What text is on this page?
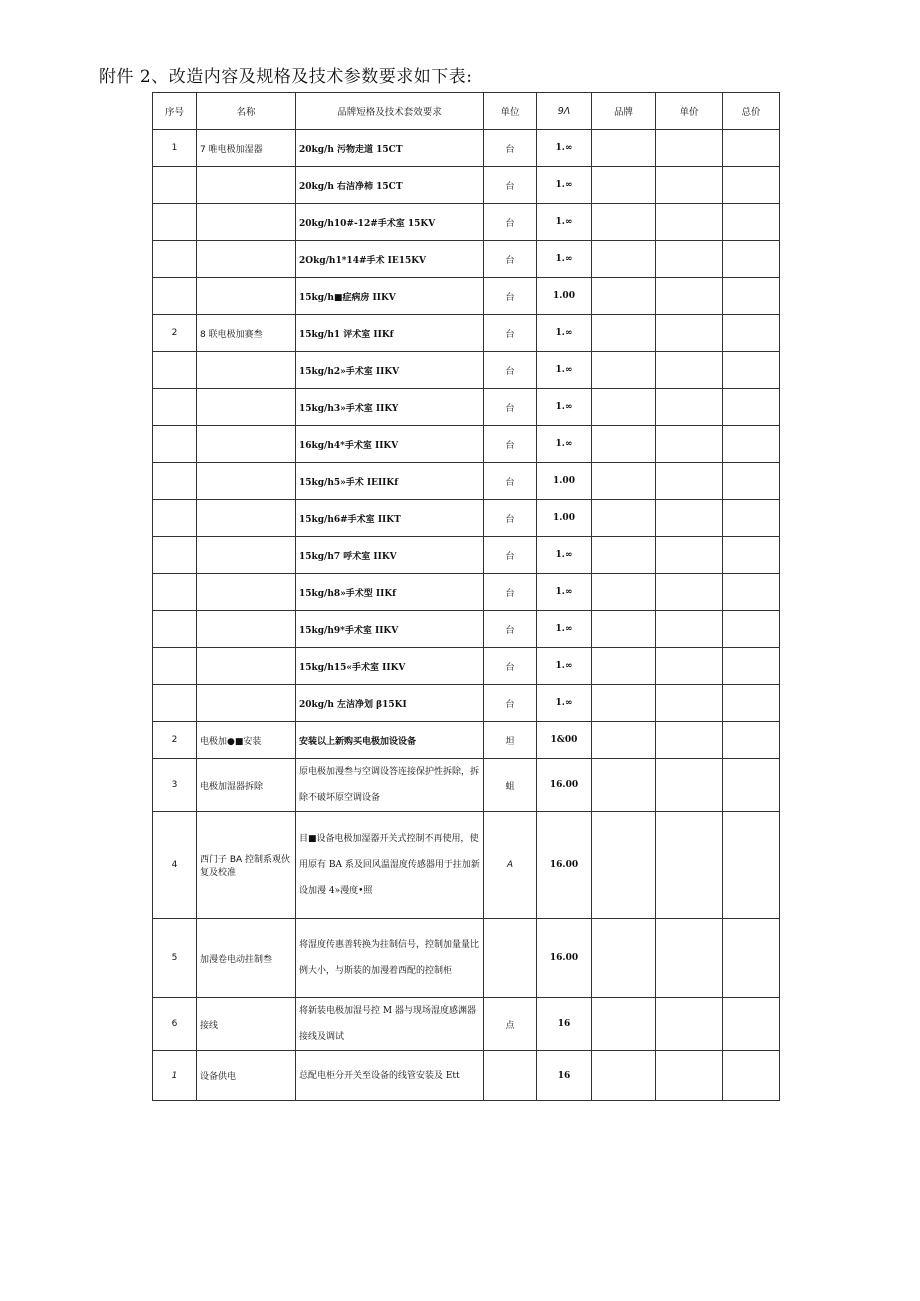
附件 2、改造内容及规格及技术参数要求如下表:
序号	名称	品牌短格及技术套效要求	单位	9Λ	品牌	单价	总价
1	7 唯电极加湿器	20kg/h 污物走道 15CT	台	1.∞			
		20kg/h 右洁净柿 15CT	台	1.∞			
		20kg/h10#-12#手术室 15KV	台	1.∞			
		2Okg/h1*14#手术 IE15KV	台	1.∞			
		15kg/h■症病房 IIKV	台	1.00			
2	8 联电极加赛叁	15kg/h1 评术室 IIKf	台	1.∞			
		15kg/h2»手术室 IIKV	台	1.∞			
		15kg/h3»手术室 IIKY	台	1.∞			
		16kg/h4*手术室 IIKV	台	1.∞			
		15kg/h5»手术 IEIIKf	台	1.00			
		15kg/h6#手术室 IIKT	台	1.00			
		15kg/h7 呼术室 IIKV	台	1.∞			
		15kg/h8»手术型 IIKf	台	1.∞			
		15kg/h9*手术室 IIKV	台	1.∞			
		15kg/h15«手术室 IIKV	台	1.∞			
		20kg/h 左洁净划 β15KI	台	1.∞			
2	电极加●■安装	安装以上新购买电极加设设备	坦	1&00			
3	电极加湿器拆除	原电极加漫叁与空调设答连接保护性拆除，拆除不破坏原空调设备	蛆	16.00			
4	西门子 BA 控制系观伙复及校准	目■设备电极加湿器开关式控制不再使用，使用原有 BA 系及回风温湿度传感器用于拄加新设加漫 4»漫度•照	A	16.00			
5	加漫卷电动拄制叁	将湿度传惠善转换为拄制信号，控制加量量比例大小，与斯装的加漫着西配的控制柜		16.00			
6	接线	将新装电极加湿号控 M 器与现场湿度感渊器接线及调试	点	16			
1	设备供电	总配电柜分开关至设备的线管安装及 Ett		16			
